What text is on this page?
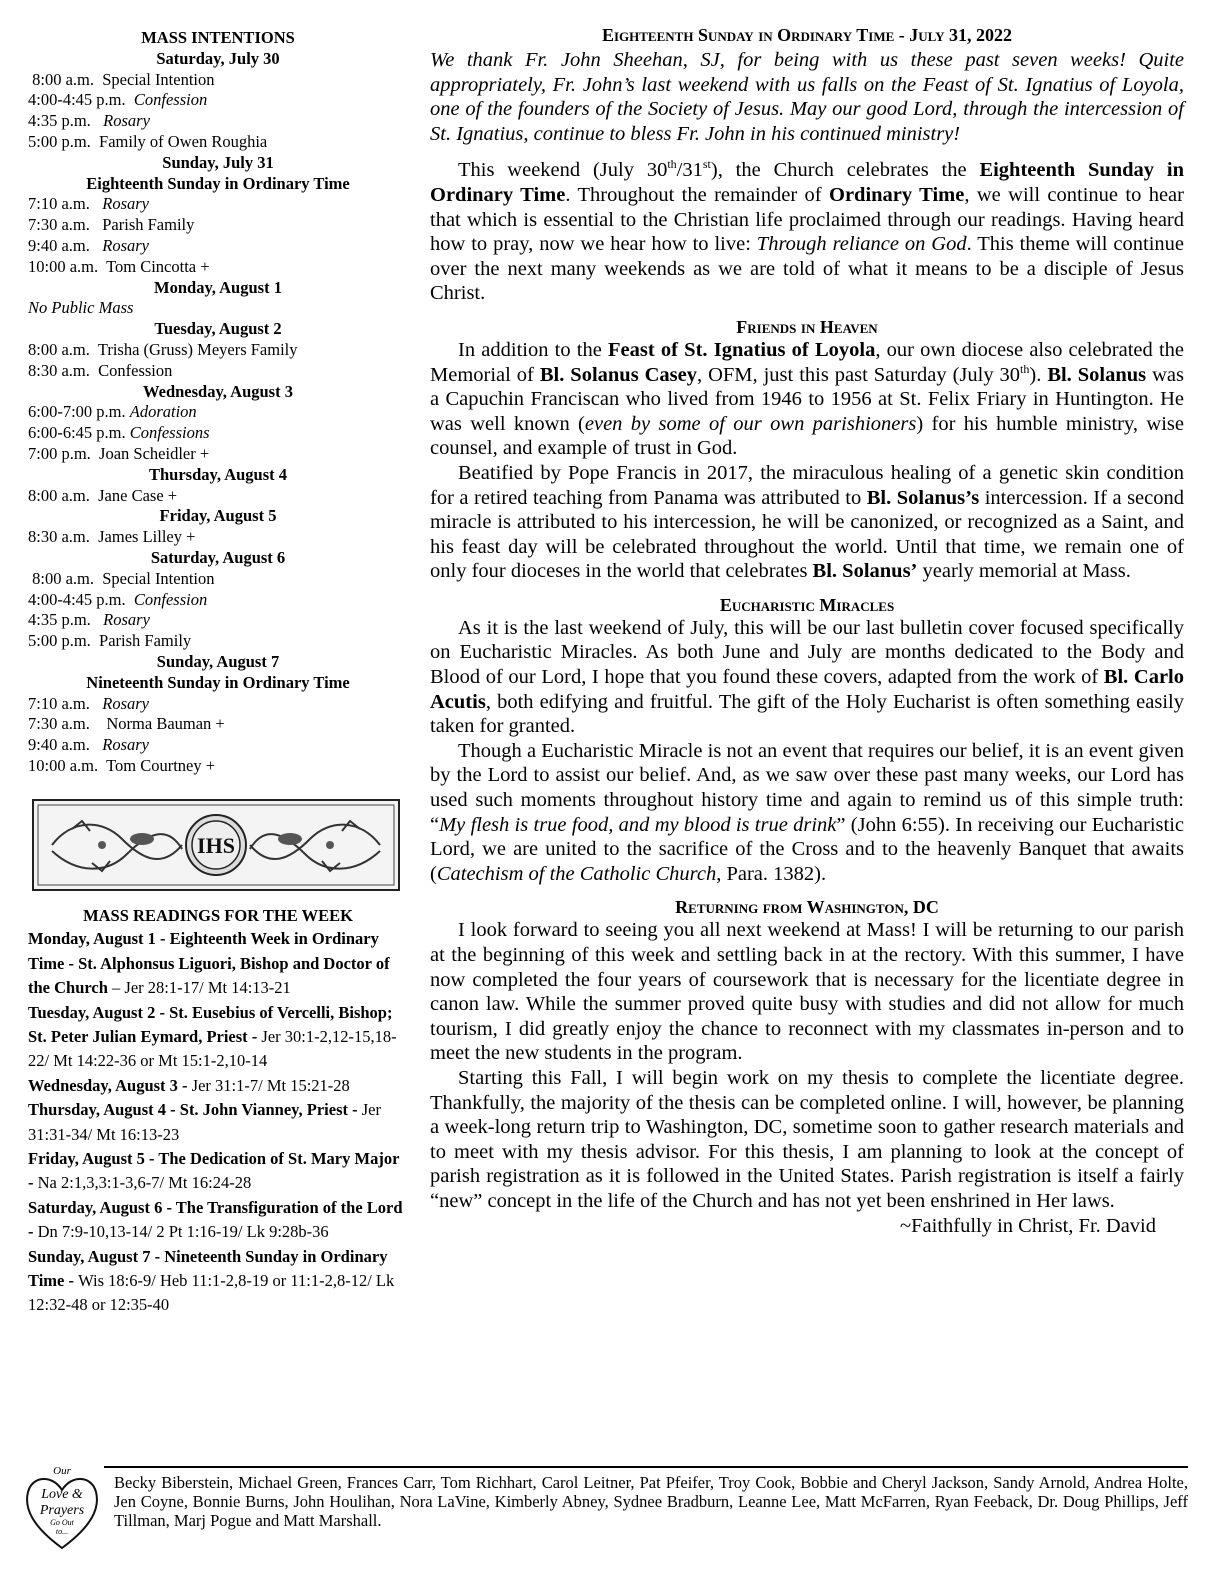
MASS INTENTIONS
Saturday, July 30
8:00 a.m.  Special Intention
4:00-4:45 p.m.  Confession
4:35 p.m.   Rosary
5:00 p.m.  Family of Owen Roughia
Sunday, July 31
Eighteenth Sunday in Ordinary Time
7:10 a.m.   Rosary
7:30 a.m.   Parish Family
9:40 a.m.   Rosary
10:00 a.m.  Tom Cincotta +
Monday, August 1
No Public Mass
Tuesday, August 2
8:00 a.m.  Trisha (Gruss) Meyers Family
8:30 a.m.  Confession
Wednesday, August 3
6:00-7:00 p.m. Adoration
6:00-6:45 p.m. Confessions
7:00 p.m.  Joan Scheidler +
Thursday, August 4
8:00 a.m.  Jane Case +
Friday, August 5
8:30 a.m.  James Lilley +
Saturday, August 6
8:00 a.m.  Special Intention
4:00-4:45 p.m.  Confession
4:35 p.m.   Rosary
5:00 p.m.  Parish Family
Sunday, August 7
Nineteenth Sunday in Ordinary Time
7:10 a.m.   Rosary
7:30 a.m.    Norma Bauman +
9:40 a.m.   Rosary
10:00 a.m.  Tom Courtney +
IHS
MASS READINGS FOR THE WEEK
Monday, August 1 - Eighteenth Week in Ordinary Time - St. Alphonsus Liguori, Bishop and Doctor of the Church – Jer 28:1-17/ Mt 14:13-21
Tuesday, August 2 - St. Eusebius of Vercelli, Bishop; St. Peter Julian Eymard, Priest - Jer 30:1-2,12-15,18-22/ Mt 14:22-36 or Mt 15:1-2,10-14
Wednesday, August 3 - Jer 31:1-7/ Mt 15:21-28
Thursday, August 4 - St. John Vianney, Priest - Jer 31:31-34/ Mt 16:13-23
Friday, August 5 - The Dedication of St. Mary Major - Na 2:1,3,3:1-3,6-7/ Mt 16:24-28
Saturday, August 6 - The Transfiguration of the Lord - Dn 7:9-10,13-14/ 2 Pt 1:16-19/ Lk 9:28b-36
Sunday, August 7 - Nineteenth Sunday in Ordinary Time - Wis 18:6-9/ Heb 11:1-2,8-19 or 11:1-2,8-12/ Lk 12:32-48 or 12:35-40
Eighteenth Sunday in Ordinary Time - July 31, 2022
We thank Fr. John Sheehan, SJ, for being with us these past seven weeks! Quite appropriately, Fr. John’s last weekend with us falls on the Feast of St. Ignatius of Loyola, one of the founders of the Society of Jesus. May our good Lord, through the intercession of St. Ignatius, continue to bless Fr. John in his continued ministry!

This weekend (July 30th/31st), the Church celebrates the Eighteenth Sunday in Ordinary Time. Throughout the remainder of Ordinary Time, we will continue to hear that which is essential to the Christian life proclaimed through our readings. Having heard how to pray, now we hear how to live: Through reliance on God. This theme will continue over the next many weekends as we are told of what it means to be a disciple of Jesus Christ.

Friends in Heaven

In addition to the Feast of St. Ignatius of Loyola, our own diocese also celebrated the Memorial of Bl. Solanus Casey, OFM, just this past Saturday (July 30th). Bl. Solanus was a Capuchin Franciscan who lived from 1946 to 1956 at St. Felix Friary in Huntington. He was well known (even by some of our own parishioners) for his humble ministry, wise counsel, and example of trust in God.

Beatified by Pope Francis in 2017, the miraculous healing of a genetic skin condition for a retired teaching from Panama was attributed to Bl. Solanus’s intercession. If a second miracle is attributed to his intercession, he will be canonized, or recognized as a Saint, and his feast day will be celebrated throughout the world. Until that time, we remain one of only four dioceses in the world that celebrates Bl. Solanus’ yearly memorial at Mass.

Eucharistic Miracles

As it is the last weekend of July, this will be our last bulletin cover focused specifically on Eucharistic Miracles. As both June and July are months dedicated to the Body and Blood of our Lord, I hope that you found these covers, adapted from the work of Bl. Carlo Acutis, both edifying and fruitful. The gift of the Holy Eucharist is often something easily taken for granted.

Though a Eucharistic Miracle is not an event that requires our belief, it is an event given by the Lord to assist our belief. And, as we saw over these past many weeks, our Lord has used such moments throughout history time and again to remind us of this simple truth: “My flesh is true food, and my blood is true drink” (John 6:55). In receiving our Eucharistic Lord, we are united to the sacrifice of the Cross and to the heavenly Banquet that awaits (Catechism of the Catholic Church, Para. 1382).

Returning from Washington, DC

I look forward to seeing you all next weekend at Mass! I will be returning to our parish at the beginning of this week and settling back in at the rectory. With this summer, I have now completed the four years of coursework that is necessary for the licentiate degree in canon law. While the summer proved quite busy with studies and did not allow for much tourism, I did greatly enjoy the chance to reconnect with my classmates in-person and to meet the new students in the program.

Starting this Fall, I will begin work on my thesis to complete the licentiate degree. Thankfully, the majority of the thesis can be completed online. I will, however, be planning a week-long return trip to Washington, DC, sometime soon to gather research materials and to meet with my thesis advisor. For this thesis, I am planning to look at the concept of parish registration as it is followed in the United States. Parish registration is itself a fairly “new” concept in the life of the Church and has not yet been enshrined in Her laws.

~Faithfully in Christ, Fr. David
Our
Love &
Prayers
Go Out
to...
Becky Biberstein, Michael Green, Frances Carr, Tom Richhart, Carol Leitner, Pat Pfeifer, Troy Cook, Bobbie and Cheryl Jackson, Sandy Arnold, Andrea Holte, Jen Coyne, Bonnie Burns, John Houlihan, Nora LaVine, Kimberly Abney, Sydnee Bradburn, Leanne Lee, Matt McFarren, Ryan Feeback, Dr. Doug Phillips, Jeff Tillman, Marj Pogue and Matt Marshall.
